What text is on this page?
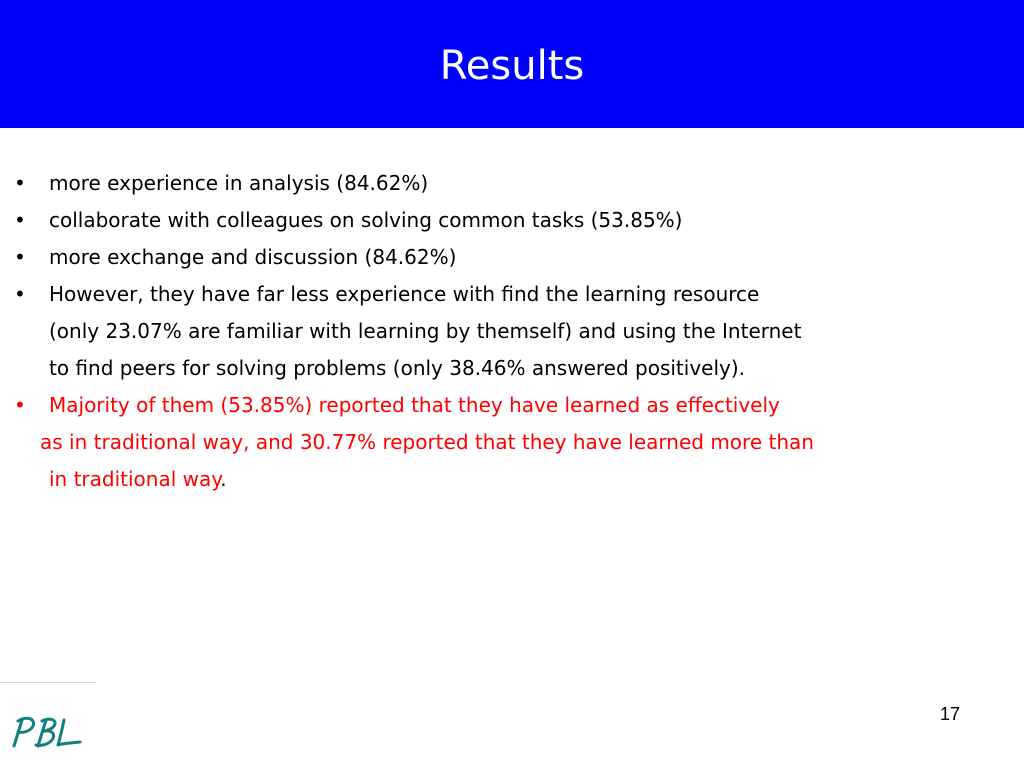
Results
• more experience in analysis (84.62%)
• collaborate with colleagues on solving common tasks (53.85%)
• more exchange and discussion (84.62%)
• However, they have far less experience with find the learning resource
(only 23.07% are familiar with learning by themself) and using the Internet
to find peers for solving problems (only 38.46% answered positively).
• Majority of them (53.85%) reported that they have learned as effectively
as in traditional way, and 30.77% reported that they have learned more than
in traditional way.
17
